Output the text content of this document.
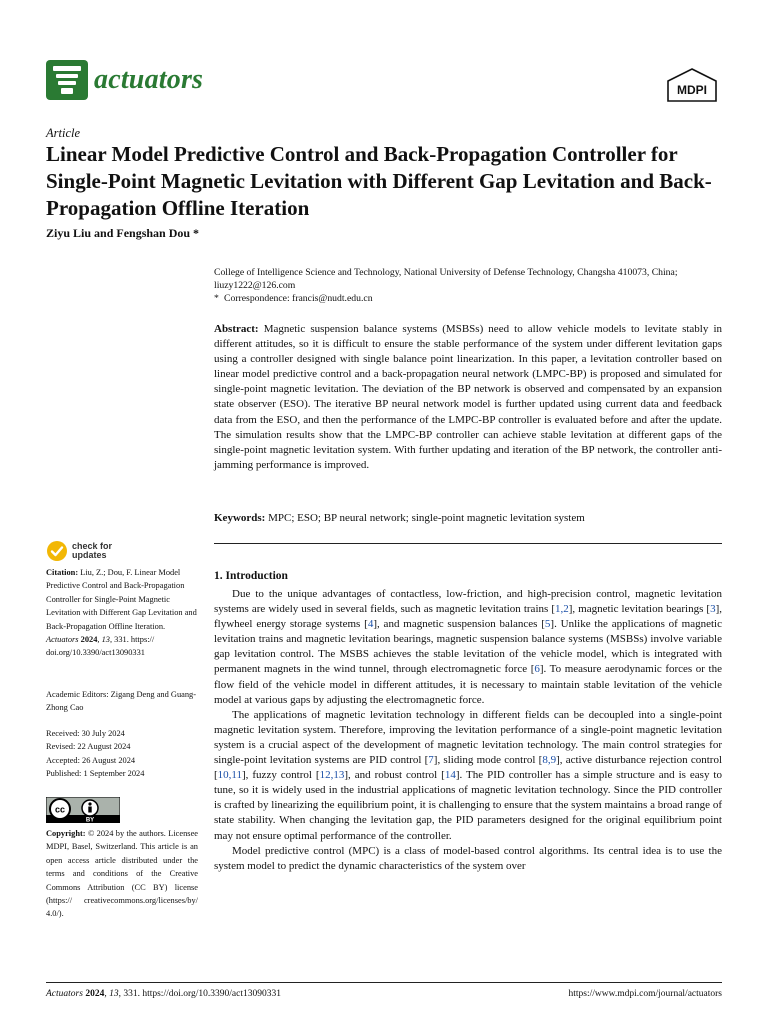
actuators	MDPI
Article
Linear Model Predictive Control and Back-Propagation Controller for Single-Point Magnetic Levitation with Different Gap Levitation and Back-Propagation Offline Iteration
Ziyu Liu and Fengshan Dou *
College of Intelligence Science and Technology, National University of Defense Technology, Changsha 410073, China; liuzy1222@126.com
* Correspondence: francis@nudt.edu.cn
Abstract: Magnetic suspension balance systems (MSBSs) need to allow vehicle models to levitate stably in different attitudes, so it is difficult to ensure the stable performance of the system under different levitation gaps using a controller designed with single balance point linearization. In this paper, a levitation controller based on linear model predictive control and a back-propagation neural network (LMPC-BP) is proposed and simulated for single-point magnetic levitation. The deviation of the BP network is observed and compensated by an expansion state observer (ESO). The iterative BP neural network model is further updated using current data and feedback data from the ESO, and then the performance of the LMPC-BP controller is evaluated before and after the update. The simulation results show that the LMPC-BP controller can achieve stable levitation at different gaps of the single-point magnetic levitation system. With further updating and iteration of the BP network, the controller anti-jamming performance is improved.
Keywords: MPC; ESO; BP neural network; single-point magnetic levitation system
check for
updates
Citation: Liu, Z.; Dou, F. Linear Model Predictive Control and Back-Propagation Controller for Single-Point Magnetic Levitation with Different Gap Levitation and Back-Propagation Offline Iteration. Actuators 2024, 13, 331. https:// doi.org/10.3390/act13090331
Academic Editors: Zigang Deng and Guang-Zhong Cao
Received: 30 July 2024
Revised: 22 August 2024
Accepted: 26 August 2024
Published: 1 September 2024
cc
BY
Copyright: © 2024 by the authors. Licensee MDPI, Basel, Switzerland. This article is an open access article distributed under the terms and conditions of the Creative Commons Attribution (CC BY) license (https:// creativecommons.org/licenses/by/ 4.0/).
1. Introduction

Due to the unique advantages of contactless, low-friction, and high-precision control, magnetic levitation systems are widely used in several fields, such as magnetic levitation trains [1,2], magnetic levitation bearings [3], flywheel energy storage systems [4], and magnetic suspension balances [5]. Unlike the applications of magnetic levitation trains and magnetic levitation bearings, magnetic suspension balance systems (MSBSs) involve variable gap levitation control. The MSBS achieves the stable levitation of the vehicle model, which is integrated with permanent magnets in the wind tunnel, through electromagnetic force [6]. To measure aerodynamic forces or the flow field of the vehicle model in different attitudes, it is necessary to maintain stable levitation of the vehicle model at various gaps by adjusting the electromagnetic force.

The applications of magnetic levitation technology in different fields can be decoupled into a single-point magnetic levitation system. Therefore, improving the levitation performance of a single-point magnetic levitation system is a crucial aspect of the development of magnetic levitation technology. The main control strategies for single-point levitation systems are PID control [7], sliding mode control [8,9], active disturbance rejection control [10,11], fuzzy control [12,13], and robust control [14]. The PID controller has a simple structure and is easy to tune, so it is widely used in the industrial applications of magnetic levitation technology. Since the PID controller is crafted by linearizing the equilibrium point, it is challenging to ensure that the system maintains a broad range of state stability. When changing the levitation gap, the PID parameters designed for the original equilibrium point may not ensure optimal performance of the controller.

Model predictive control (MPC) is a class of model-based control algorithms. Its central idea is to use the system model to predict the dynamic characteristics of the system over

Actuators 2024, 13, 331. https://doi.org/10.3390/act13090331	https://www.mdpi.com/journal/actuators
